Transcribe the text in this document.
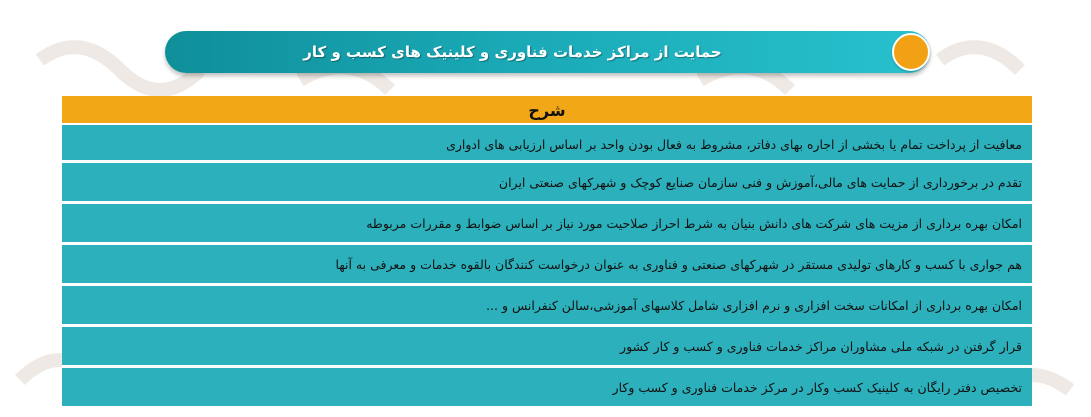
حمایت از مراکز خدمات فناوری و کلینیک های کسب و کار
شرح
معافیت از پرداخت تمام یا بخشی از اجاره بهای دفاتر، مشروط به فعال بودن واحد بر اساس ارزیابی های ادواری
تقدم در برخورداری از حمایت های مالی،آموزش و فنی سازمان صنایع کوچک و شهرکهای صنعتی ایران
امکان بهره برداری از مزیت های شرکت های دانش بنیان به شرط احراز صلاحیت مورد نیاز بر اساس ضوابط و مقررات مربوطه
هم جواری با کسب و کارهای تولیدی مستقر در شهرکهای صنعتی و فناوری به عنوان درخواست کنندگان بالقوه خدمات و معرفی به آنها
امکان بهره برداری از امکانات سخت افزاری و نرم افزاری شامل کلاسهای آموزشی،سالن کنفرانس و ...
قرار گرفتن در شبکه ملی مشاوران مراکز خدمات فناوری و کسب و کار کشور
تخصیص دفتر رایگان به کلینیک کسب وکار در مرکز خدمات فناوری و کسب وکار
